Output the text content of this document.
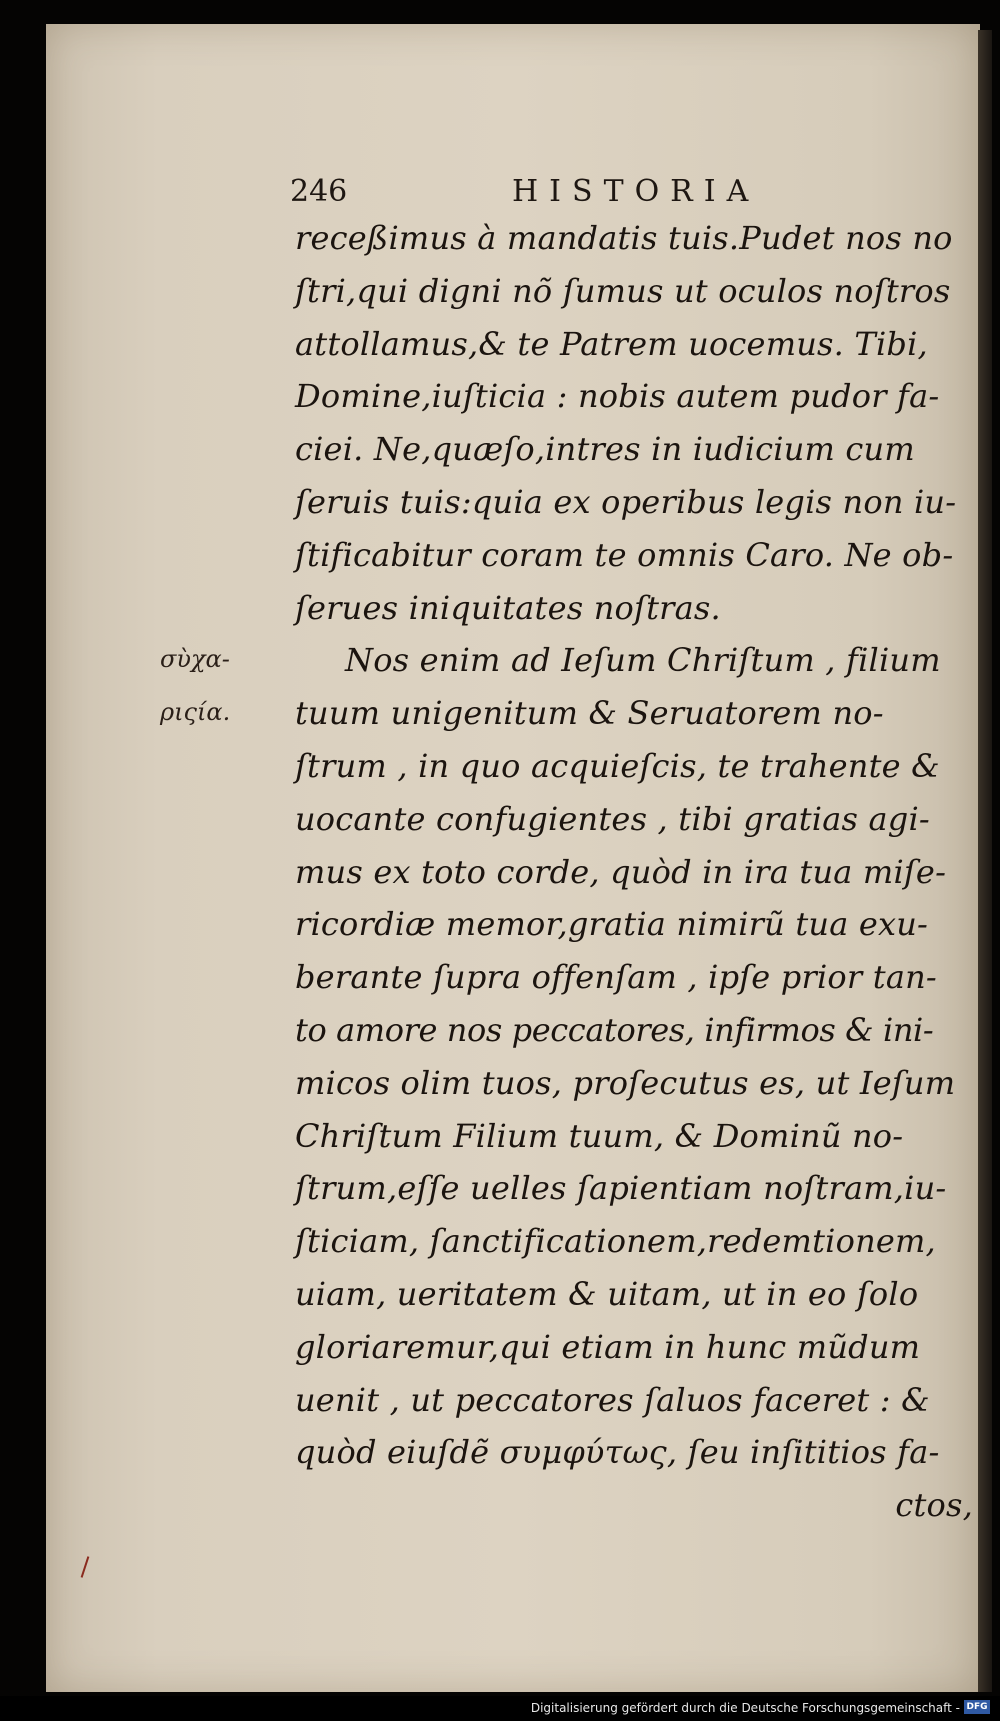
246	HISTORIA
σὺχα-
ριςία.
receßimus à mandatis tuis.Pudet nos no
ſtri,qui digni nõ ſumus ut oculos noſtros
attollamus,& te Patrem uocemus. Tibi,
Domine,iuſticia : nobis autem pudor fa-
ciei. Ne,quæſo,intres in iudicium cum
ſeruis tuis:quia ex operibus legis non iu-
ſtificabitur coram te omnis Caro. Ne ob-
ſerues iniquitates noſtras.
Nos enim ad Ieſum Chriſtum , filium
tuum unigenitum & Seruatorem no-
ſtrum , in quo acquieſcis, te trahente &
uocante confugientes , tibi gratias agi-
mus ex toto corde, quòd in ira tua miſe-
ricordiæ memor,gratia nimirũ tua exu-
berante ſupra offenſam , ipſe prior tan-
to amore nos peccatores, infirmos & ini-
micos olim tuos, proſecutus es, ut Ieſum
Chriſtum Filium tuum, & Dominũ no-
ſtrum,eſſe uelles ſapientiam noſtram,iu-
ſticiam, ſanctificationem,redemtionem,
uiam, ueritatem & uitam, ut in eo ſolo
gloriaremur,qui etiam in hunc mũdum
uenit , ut peccatores ſaluos faceret : &
quòd eiuſdẽ συμφύτως, ſeu inſititios fa-
ctos,
Digitalisierung gefördert durch die Deutsche Forschungsgemeinschaft - DFG
